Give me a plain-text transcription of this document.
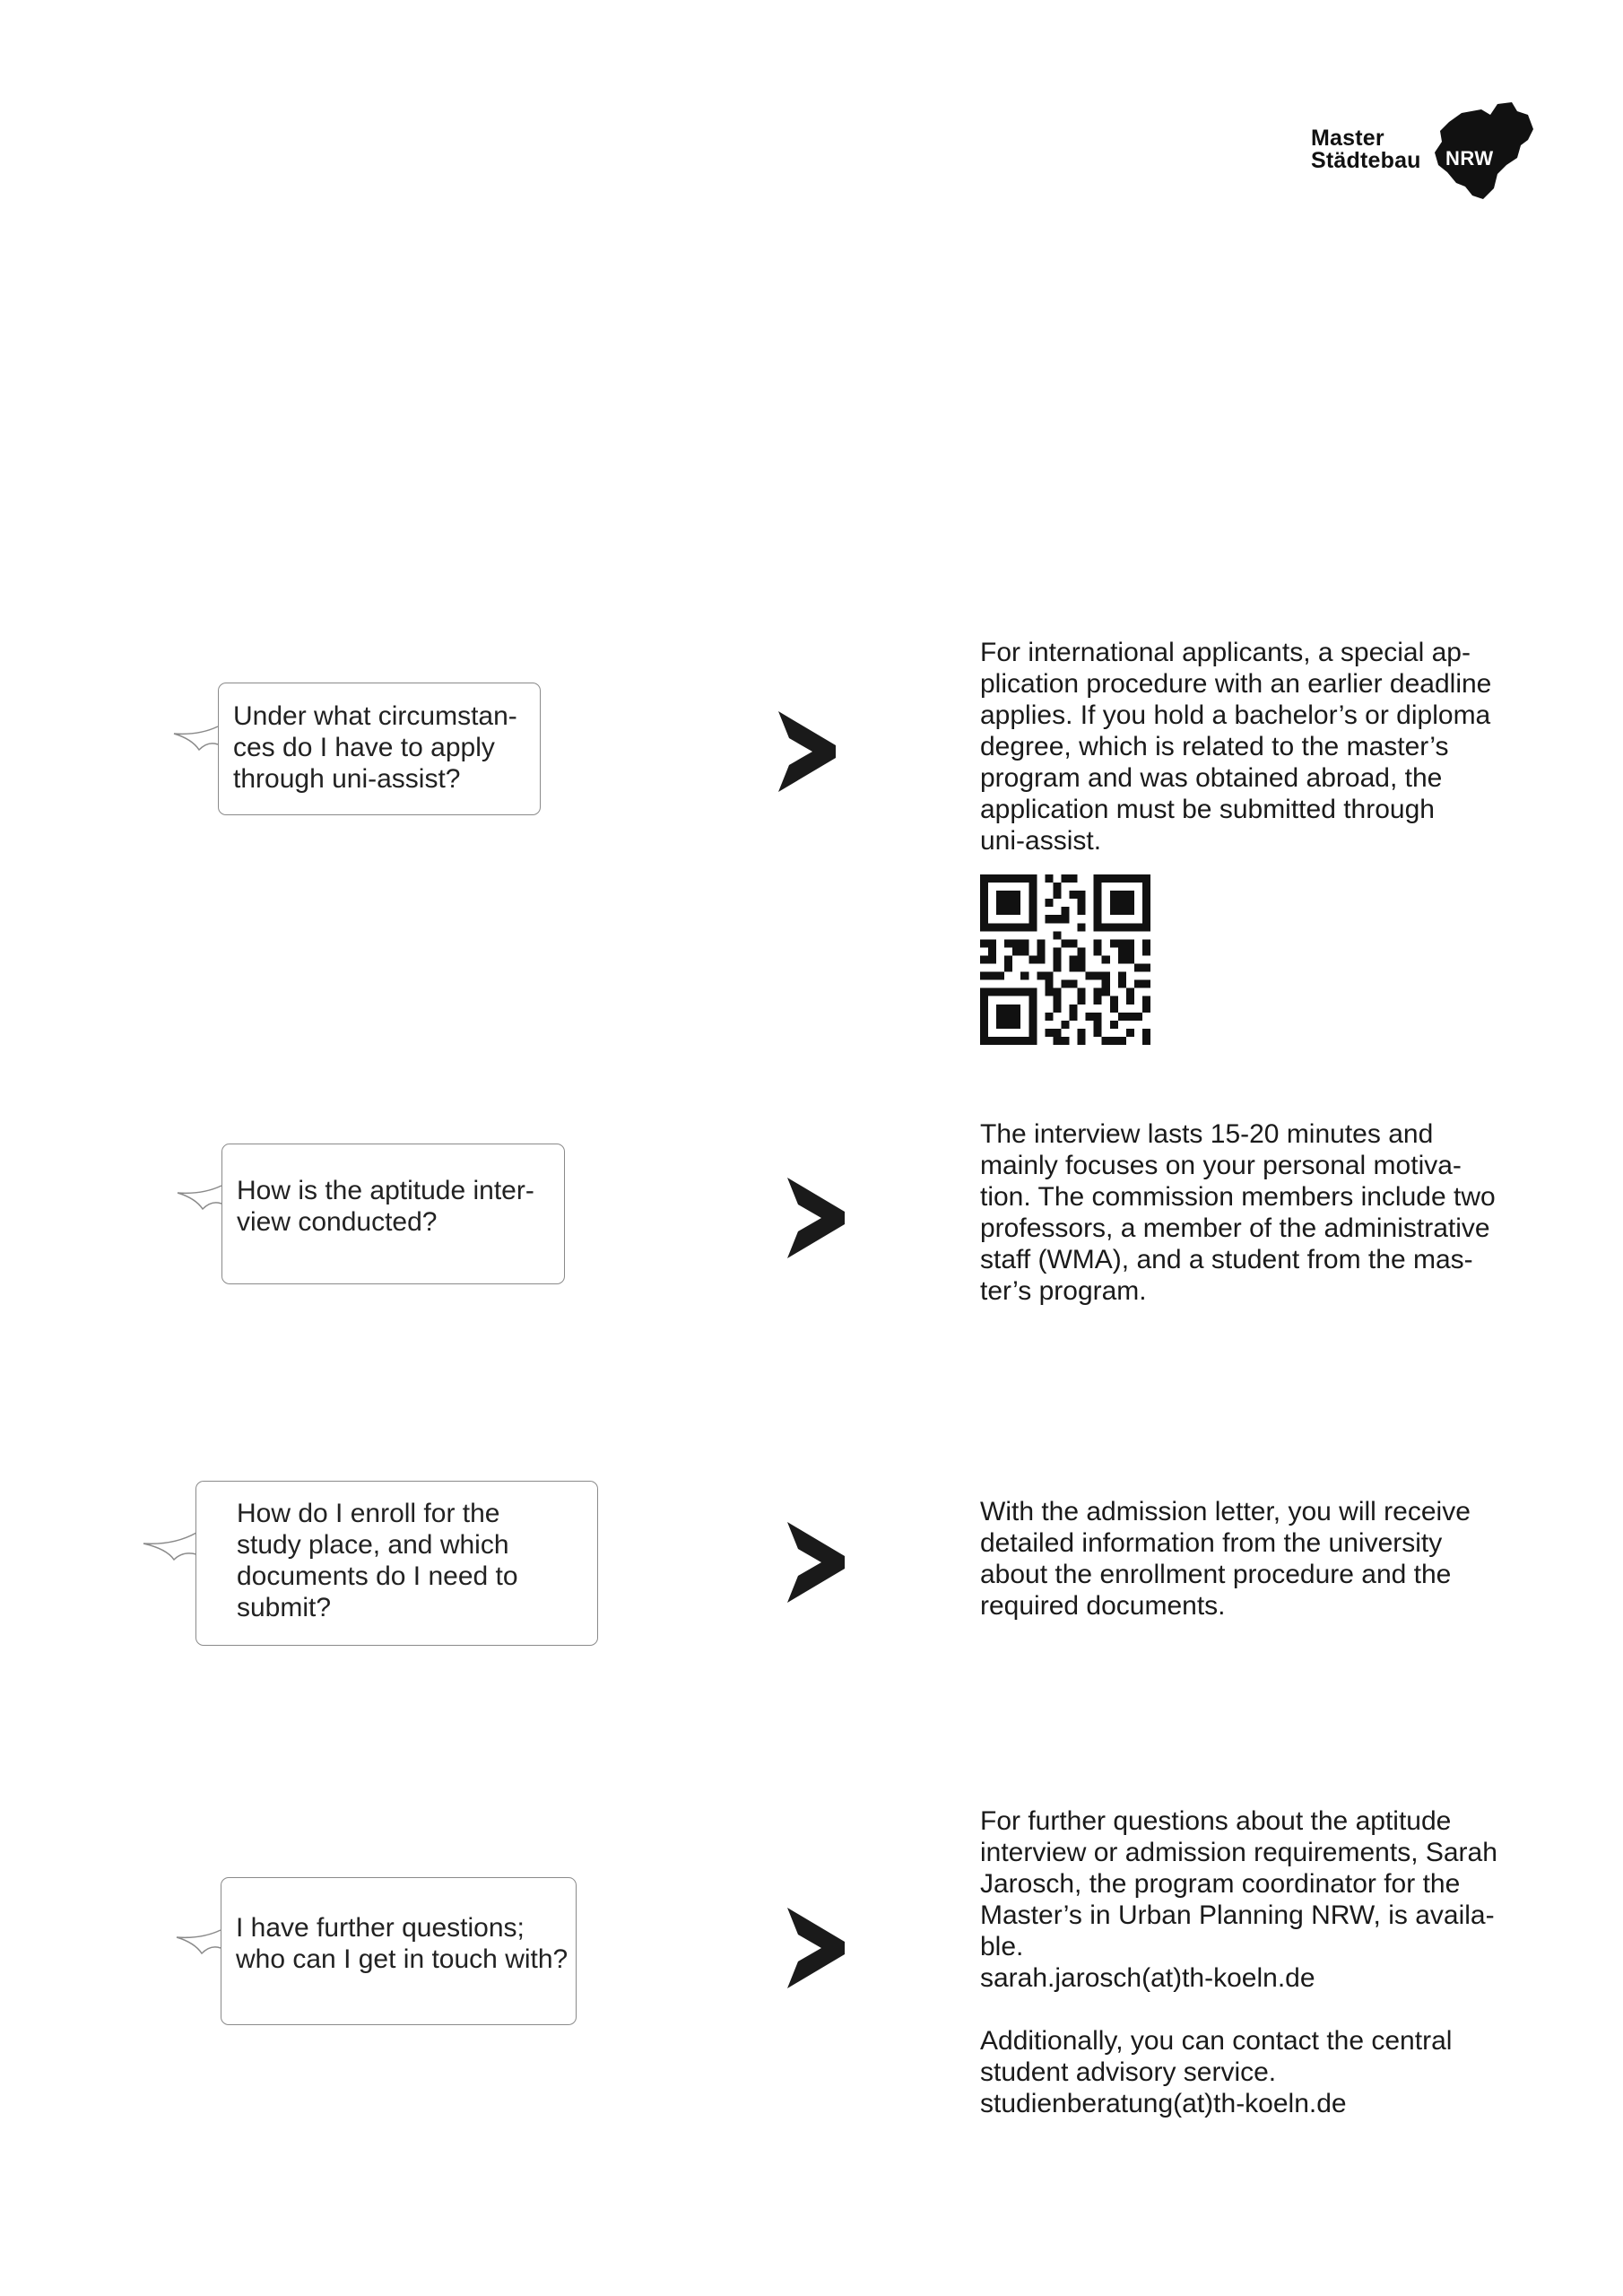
Master
Städtebau NRW

Under what circumstan-
ces do I have to apply
through uni-assist?

For international applicants, a special ap-
plication procedure with an earlier deadline
applies. If you hold a bachelor’s or diploma
degree, which is related to the master’s
program and was obtained abroad, the
application must be submitted through
uni-assist.

How is the aptitude inter-
view conducted?

The interview lasts 15-20 minutes and
mainly focuses on your personal motiva-
tion. The commission members include two
professors, a member of the administrative
staff (WMA), and a student from the mas-
ter’s program.

How do I enroll for the
study place, and which
documents do I need to
submit?

With the admission letter, you will receive
detailed information from the university
about the enrollment procedure and the
required documents.

I have further questions;
who can I get in touch with?

For further questions about the aptitude
interview or admission requirements, Sarah
Jarosch, the program coordinator for the
Master’s in Urban Planning NRW, is availa-
ble.
sarah.jarosch(at)th-koeln.de

Additionally, you can contact the central
student advisory service.
studienberatung(at)th-koeln.de
